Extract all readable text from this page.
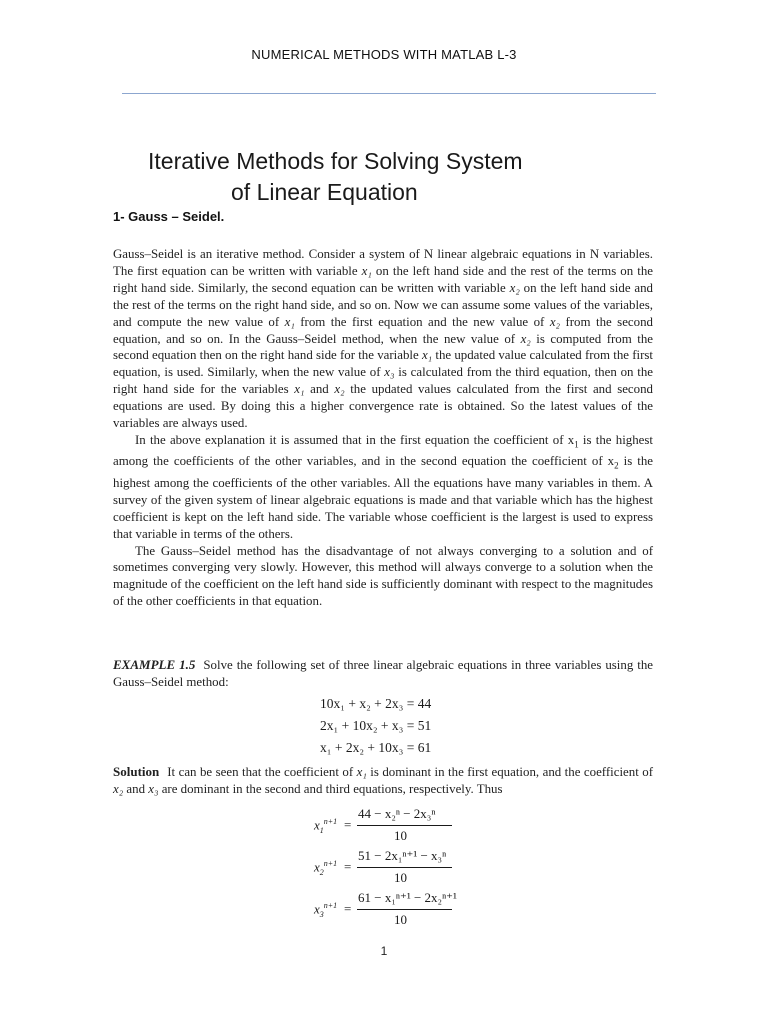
NUMERICAL METHODS WITH MATLAB L-3
Iterative Methods for Solving System
of Linear Equation
1- Gauss – Seidel.

Gauss–Seidel is an iterative method. Consider a system of N linear algebraic equations in N variables. The first equation can be written with variable x₁ on the left hand side and the rest of the terms on the right hand side. Similarly, the second equation can be written with variable x₂ on the left hand side and the rest of the terms on the right hand side, and so on. Now we can assume some values of the variables, and compute the new value of x₁ from the first equation and the new value of x₂ from the second equation, and so on. In the Gauss–Seidel method, when the new value of x₂ is computed from the second equation then on the right hand side for the variable x₁ the updated value calculated from the first equation, is used. Similarly, when the new value of x₃ is calculated from the third equation, then on the right hand side for the variables x₁ and x₂ the updated values calculated from the first and second equations are used. By doing this a higher convergence rate is obtained. So the latest values of the variables are always used.

In the above explanation it is assumed that in the first equation the coefficient of $x_1$ is the highest among the coefficients of the other variables, and in the second equation the coefficient of $x_2$ is the highest among the coefficients of the other variables. All the equations have many variables in them. A survey of the given system of linear algebraic equations is made and that variable which has the highest coefficient is kept on the left hand side. The variable whose coefficient is the largest is used to express that variable in terms of the others.

The Gauss–Seidel method has the disadvantage of not always converging to a solution and of sometimes converging very slowly. However, this method will always converge to a solution when the magnitude of the coefficient on the left hand side is sufficiently dominant with respect to the magnitudes of the other coefficients in that equation.

EXAMPLE 1.5 Solve the following set of three linear algebraic equations in three variables using the Gauss–Seidel method:
10x₁ + x₂ + 2x₃ = 44
2x₁ + 10x₂ + x₃ = 51
x₁ + 2x₂ + 10x₃ = 61
Solution It can be seen that the coefficient of x₁ is dominant in the first equation, and the coefficient of x₂ and x₃ are dominant in the second and third equations, respectively. Thus
$x_1^{n+1}$ =
44 − x₂ⁿ − 2x₃ⁿ
10
$x_2^{n+1}$ =
51 − 2x₁ⁿ⁺¹ − x₃ⁿ
10
$x_3^{n+1}$ =
61 − x₁ⁿ⁺¹ − 2x₂ⁿ⁺¹
10
1
